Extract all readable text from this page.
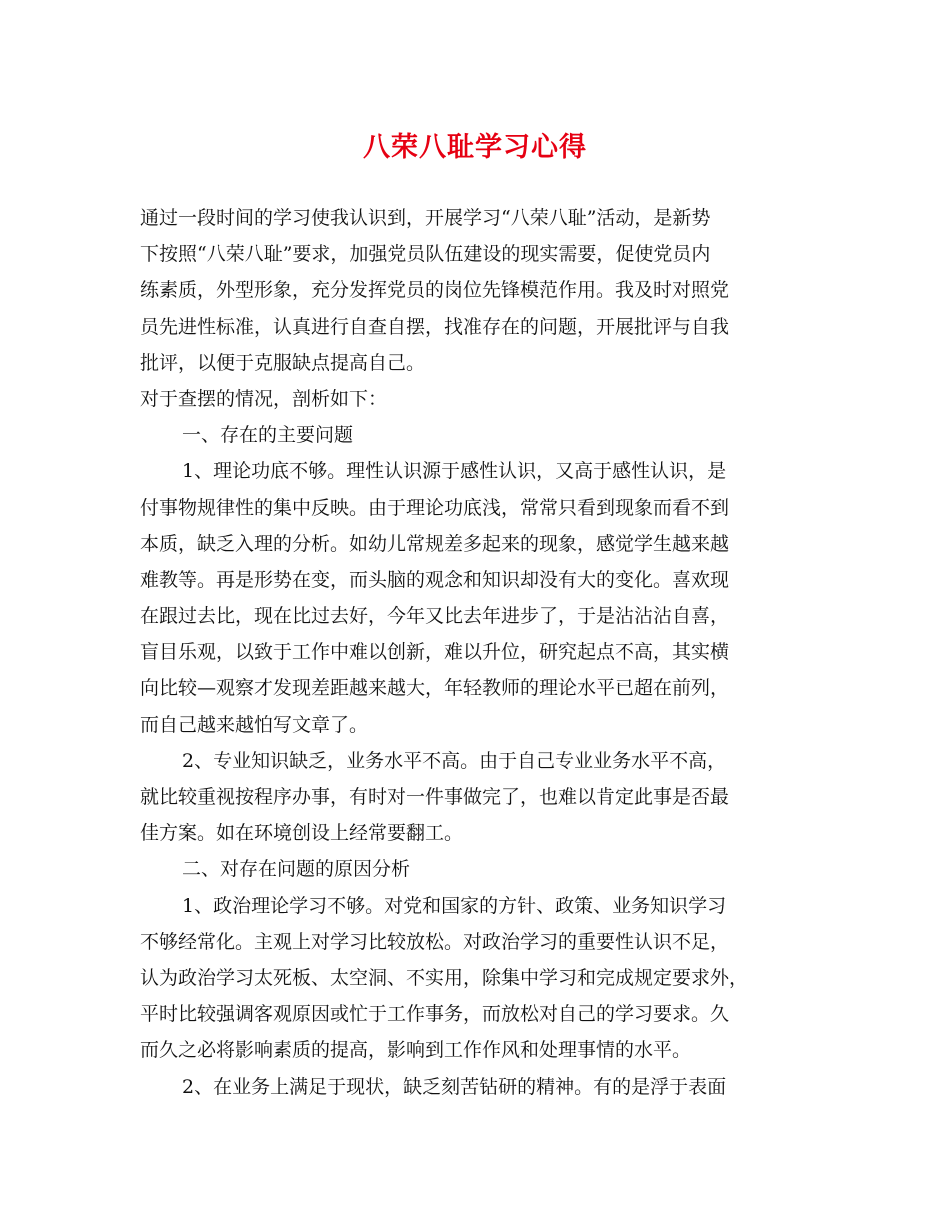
八荣八耻学习心得
通过一段时间的学习使我认识到，开展学习“八荣八耻”活动，是新势
下按照“八荣八耻”要求，加强党员队伍建设的现实需要，促使党员内
练素质，外型形象，充分发挥党员的岗位先锋模范作用。我及时对照党
员先进性标准，认真进行自查自摆，找准存在的问题，开展批评与自我
批评，以便于克服缺点提高自己。
对于查摆的情况，剖析如下：
一、存在的主要问题
1、理论功底不够。理性认识源于感性认识，又高于感性认识，是
付事物规律性的集中反映。由于理论功底浅，常常只看到现象而看不到
本质，缺乏入理的分析。如幼儿常规差多起来的现象，感觉学生越来越
难教等。再是形势在变，而头脑的观念和知识却没有大的变化。喜欢现
在跟过去比，现在比过去好，今年又比去年进步了，于是沾沾沾自喜，
盲目乐观，以致于工作中难以创新，难以升位，研究起点不高，其实横
向比较—观察才发现差距越来越大，年轻教师的理论水平已超在前列，
而自己越来越怕写文章了。
2、专业知识缺乏，业务水平不高。由于自己专业业务水平不高，
就比较重视按程序办事，有时对一件事做完了，也难以肯定此事是否最
佳方案。如在环境创设上经常要翻工。
二、对存在问题的原因分析
1、政治理论学习不够。对党和国家的方针、政策、业务知识学习
不够经常化。主观上对学习比较放松。对政治学习的重要性认识不足，
认为政治学习太死板、太空洞、不实用，除集中学习和完成规定要求外，
平时比较强调客观原因或忙于工作事务，而放松对自己的学习要求。久
而久之必将影响素质的提高，影响到工作作风和处理事情的水平。
2、在业务上满足于现状，缺乏刻苦钻研的精神。有的是浮于表面
